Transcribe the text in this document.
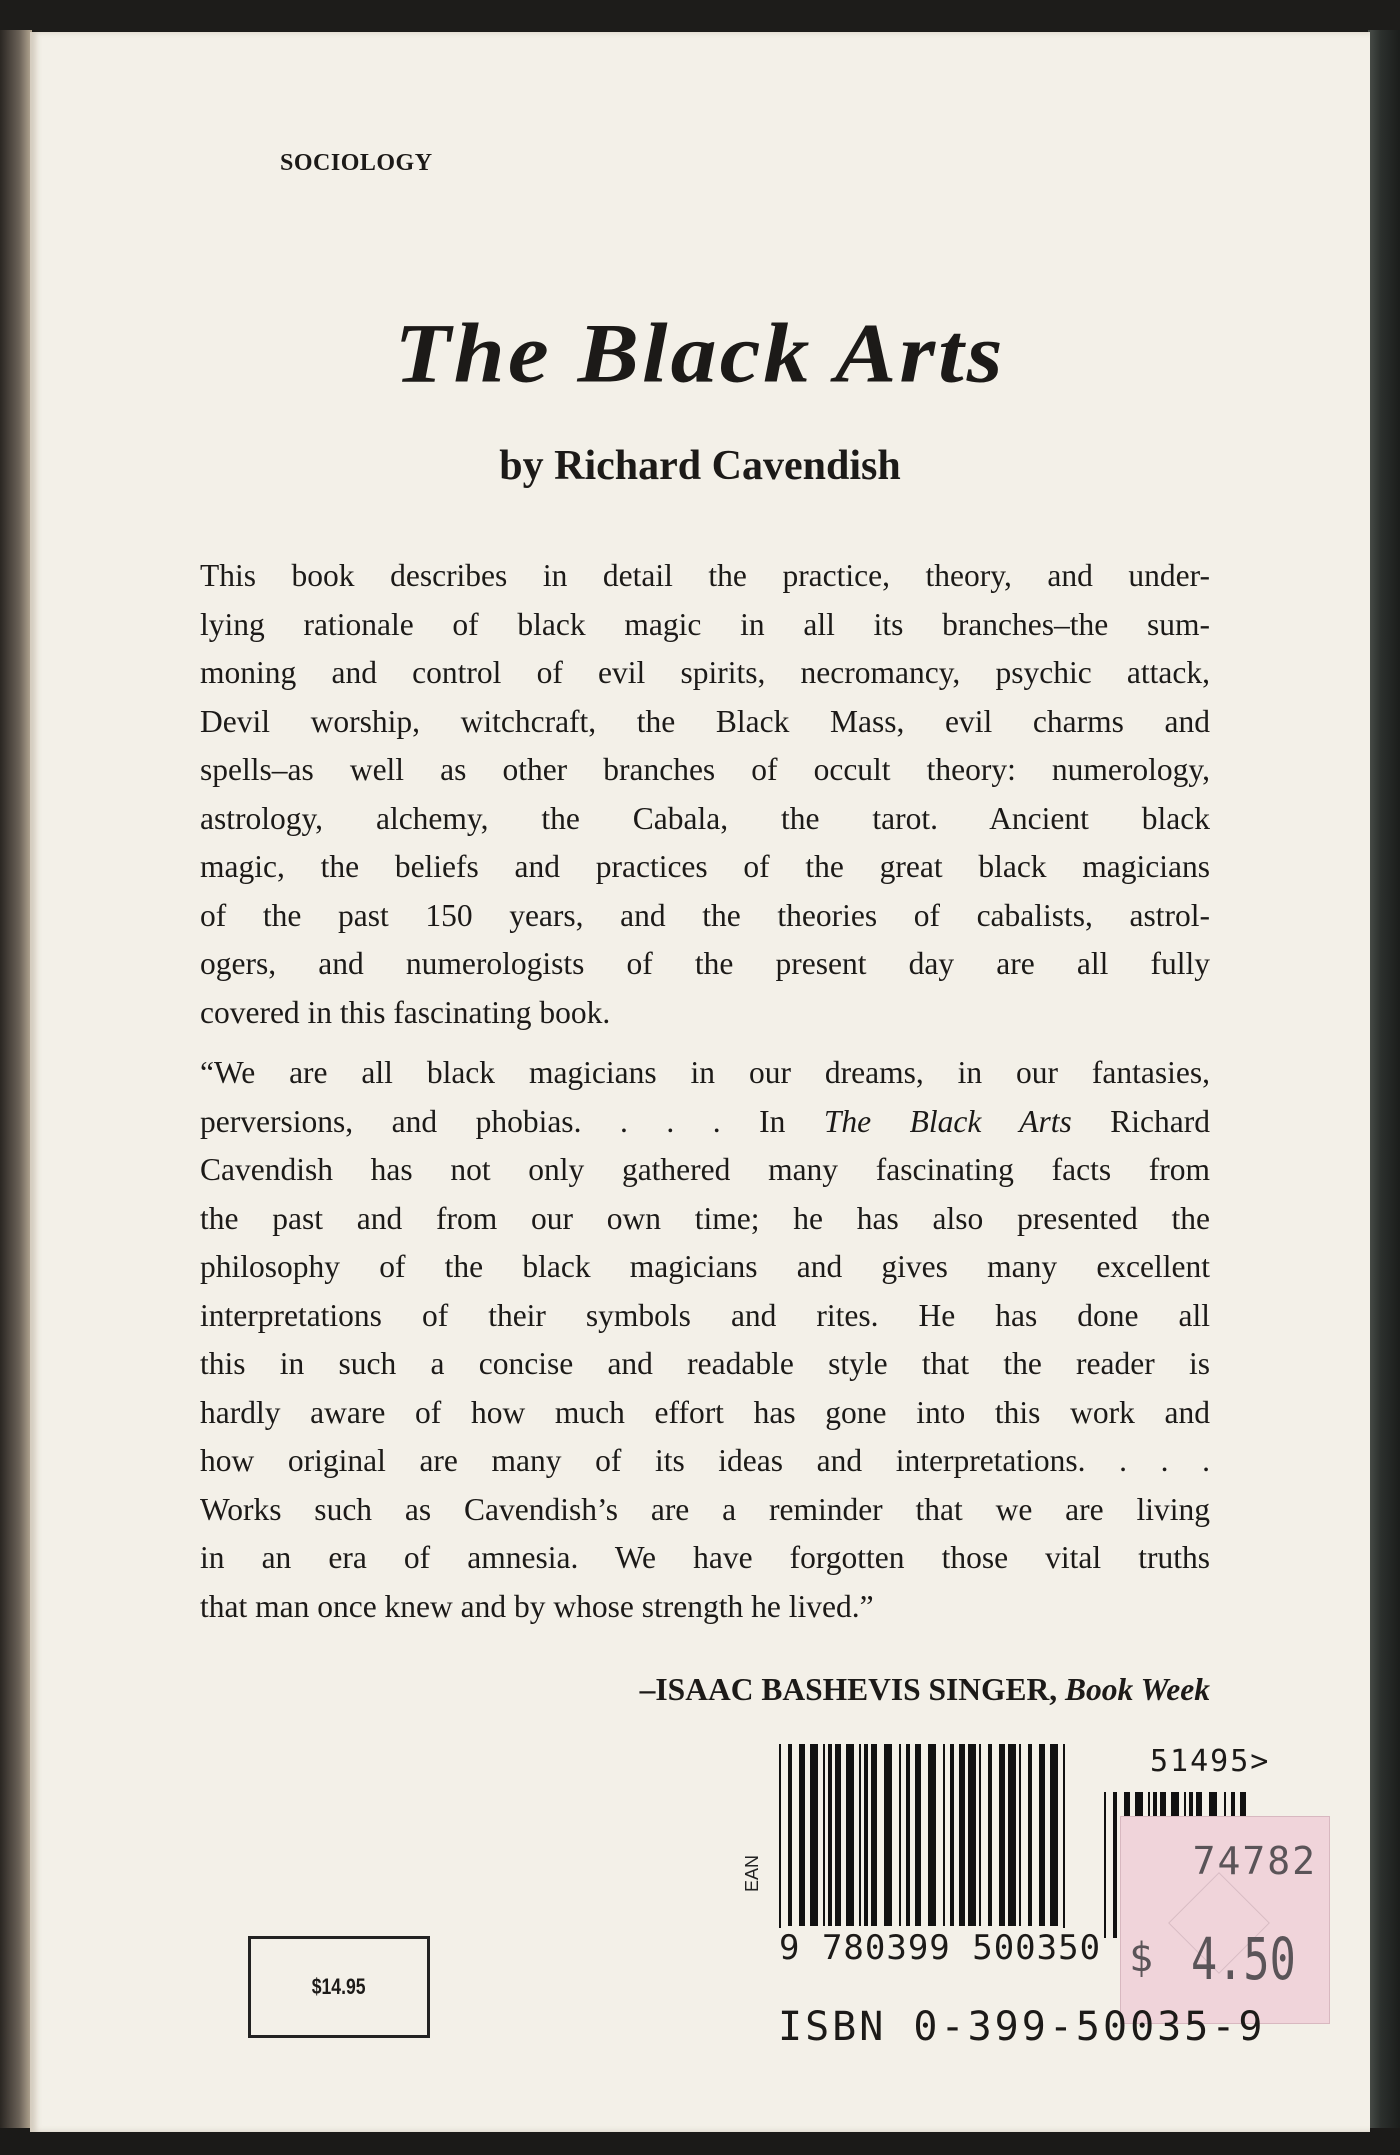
SOCIOLOGY
The Black Arts
by Richard Cavendish
This book describes in detail the practice, theory, and under-
lying rationale of black magic in all its branches–the sum-
moning and control of evil spirits, necromancy, psychic attack,
Devil worship, witchcraft, the Black Mass, evil charms and
spells–as well as other branches of occult theory: numerology,
astrology, alchemy, the Cabala, the tarot. Ancient black
magic, the beliefs and practices of the great black magicians
of the past 150 years, and the theories of cabalists, astrol-
ogers, and numerologists of the present day are all fully
covered in this fascinating book.
“We are all black magicians in our dreams, in our fantasies,
perversions, and phobias. . . . In The Black Arts Richard
Cavendish has not only gathered many fascinating facts from
the past and from our own time; he has also presented the
philosophy of the black magicians and gives many excellent
interpretations of their symbols and rites. He has done all
this in such a concise and readable style that the reader is
hardly aware of how much effort has gone into this work and
how original are many of its ideas and interpretations. . . .
Works such as Cavendish’s are a reminder that we are living
in an era of amnesia. We have forgotten those vital truths
that man once knew and by whose strength he lived.”
–ISAAC BASHEVIS SINGER, Book Week
$14.95
EAN
9 780399 500350
51495>
74782
$ 4.50
ISBN 0-399-50035-9
